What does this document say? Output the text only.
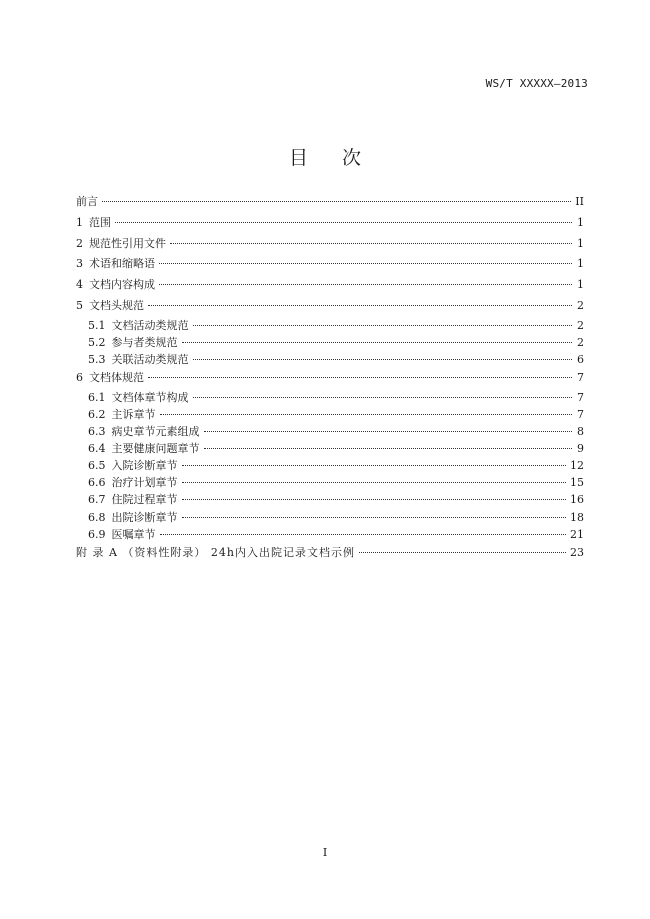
WS/T XXXXX—2013
目 次
前言	II
1 范围	1
2 规范性引用文件	1
3 术语和缩略语	1
4 文档内容构成	1
5 文档头规范	2
5.1 文档活动类规范	2
5.2 参与者类规范	2
5.3 关联活动类规范	6
6 文档体规范	7
6.1 文档体章节构成	7
6.2 主诉章节	7
6.3 病史章节元素组成	8
6.4 主要健康问题章节	9
6.5 入院诊断章节	12
6.6 治疗计划章节	15
6.7 住院过程章节	16
6.8 出院诊断章节	18
6.9 医嘱章节	21
附 录 A （资料性附录） 24h内入出院记录文档示例	23
I
